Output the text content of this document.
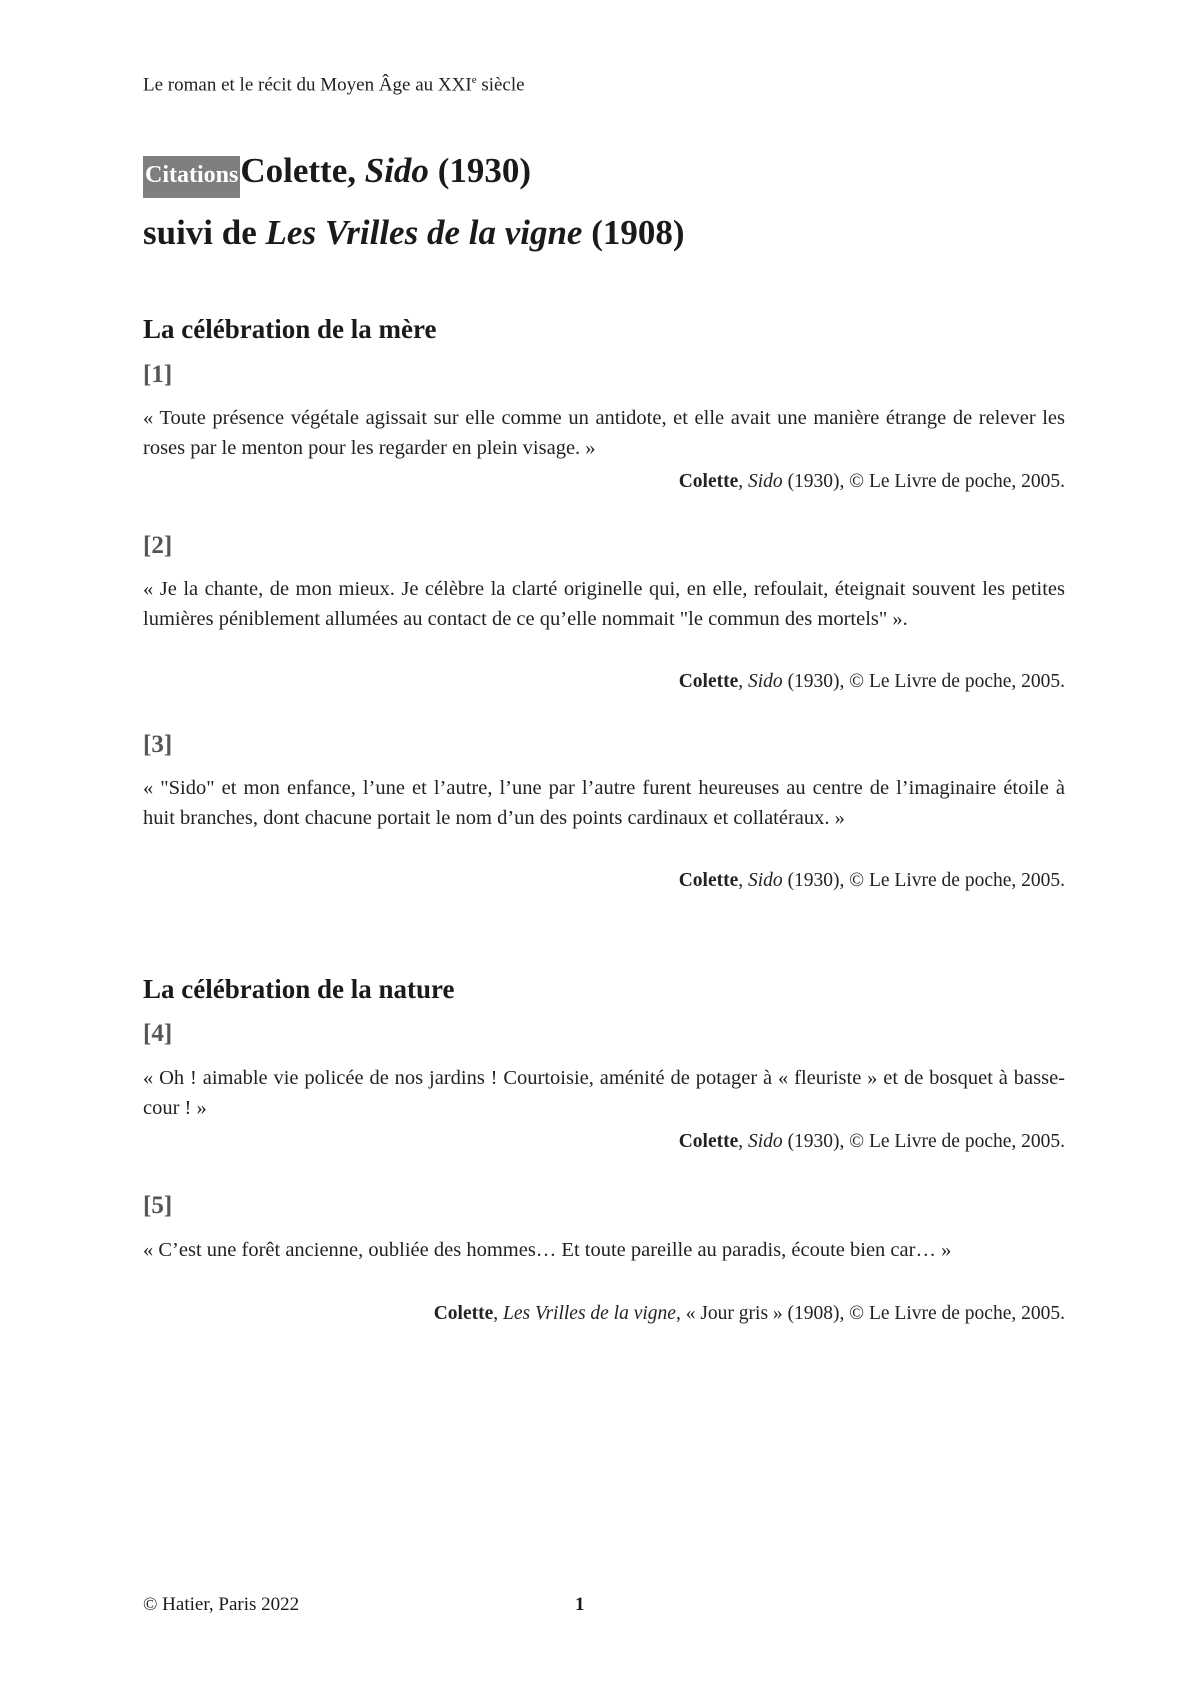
Le roman et le récit du Moyen Âge au XXIe siècle
CitationsColette, Sido (1930)
suivi de Les Vrilles de la vigne (1908)
La célébration de la mère
[1]
« Toute présence végétale agissait sur elle comme un antidote, et elle avait une manière étrange de relever les roses par le menton pour les regarder en plein visage. »
Colette, Sido (1930), © Le Livre de poche, 2005.
[2]
« Je la chante, de mon mieux. Je célèbre la clarté originelle qui, en elle, refoulait, éteignait souvent les petites lumières péniblement allumées au contact de ce qu’elle nommait "le commun des mortels" ».
Colette, Sido (1930), © Le Livre de poche, 2005.
[3]
« "Sido" et mon enfance, l’une et l’autre, l’une par l’autre furent heureuses au centre de l’imaginaire étoile à huit branches, dont chacune portait le nom d’un des points cardinaux et collatéraux. »
Colette, Sido (1930), © Le Livre de poche, 2005.
La célébration de la nature
[4]
« Oh ! aimable vie policée de nos jardins ! Courtoisie, aménité de potager à « fleuriste » et de bosquet à basse-cour ! »
Colette, Sido (1930), © Le Livre de poche, 2005.
[5]
« C’est une forêt ancienne, oubliée des hommes… Et toute pareille au paradis, écoute bien car… »
Colette, Les Vrilles de la vigne, « Jour gris » (1908), © Le Livre de poche, 2005.
© Hatier, Paris 2022	1
